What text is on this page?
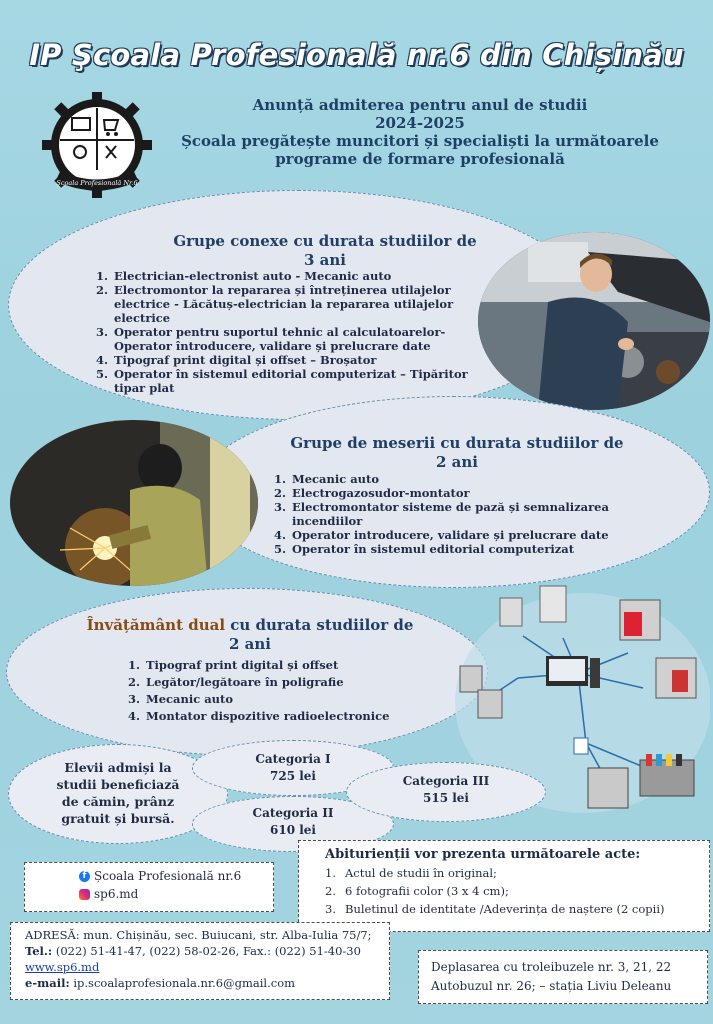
IP Şcoala Profesională nr.6 din Chișinău
Şcoala Profesională Nr.6
Anunță admiterea pentru anul de studii
2024-2025
Școala pregătește muncitori și specialiști la următoarele
programe de formare profesională
Grupe conexe cu durata studiilor de
3 ani
1. Electrician-electronist auto - Mecanic auto
2. Electromontor la repararea și întreținerea utilajelor electrice - Lăcătuș-electrician la repararea utilajelor electrice
3. Operator pentru suportul tehnic al calculatoarelor- Operator întroducere, validare și prelucrare date
4. Tipograf print digital și offset – Broșator
5. Operator în sistemul editorial computerizat – Tipăritor tipar plat
Grupe de meserii cu durata studiilor de
2 ani
1. Mecanic auto
2. Electrogazosudor-montator
3. Electromontator sisteme de pază și semnalizarea incendiilor
4. Operator introducere, validare și prelucrare date
5. Operator în sistemul editorial computerizat
Învățământ dual cu durata studiilor de
2 ani
1. Tipograf print digital și offset
2. Legător/legătoare în poligrafie
3. Mecanic auto
4. Montator dispozitive radioelectronice
Elevii admiși la studii beneficiază de cămin, prânz gratuit și bursă.
Categoria I
725 lei
Categoria II
610 lei
Categoria III
515 lei
f Școala Profesională nr.6
sp6.md
Abiturienții vor prezenta următoarele acte:
1. Actul de studii în original;
2. 6 fotografii color (3 x 4 cm);
3. Buletinul de identitate /Adeverința de naștere (2 copii)
ADRESĂ: mun. Chișinău, sec. Buiucani, str. Alba-Iulia 75/7;
Tel.: (022) 51-41-47, (022) 58-02-26, Fax.: (022) 51-40-30
www.sp6.md
e-mail: ip.scoalaprofesionala.nr.6@gmail.com
Deplasarea cu troleibuzele nr. 3, 21, 22
Autobuzul nr. 26; – stația Liviu Deleanu
